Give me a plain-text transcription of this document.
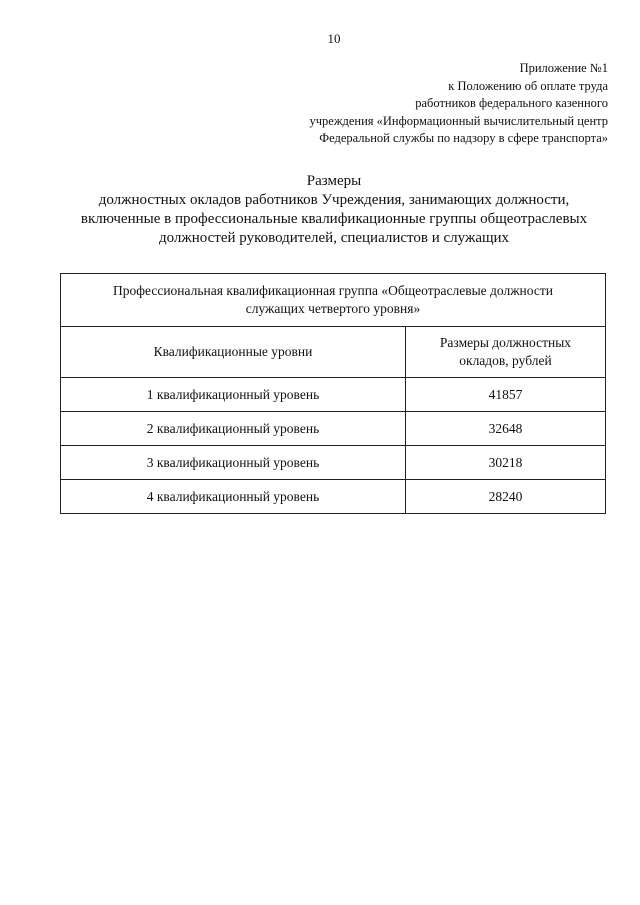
10
Приложение №1
к Положению об оплате труда
работников федерального казенного
учреждения «Информационный вычислительный центр
Федеральной службы по надзору в сфере транспорта»
Размеры
должностных окладов работников Учреждения, занимающих должности,
включенные в профессиональные квалификационные группы общеотраслевых
должностей руководителей, специалистов и служащих
Профессиональная квалификационная группа «Общеотраслевые должности
служащих четвертого уровня»	

Квалификационные уровни	Размеры должностных
окладов, рублей

1 квалификационный уровень	41857
2 квалификационный уровень	32648
3 квалификационный уровень	30218
4 квалификационный уровень	28240
